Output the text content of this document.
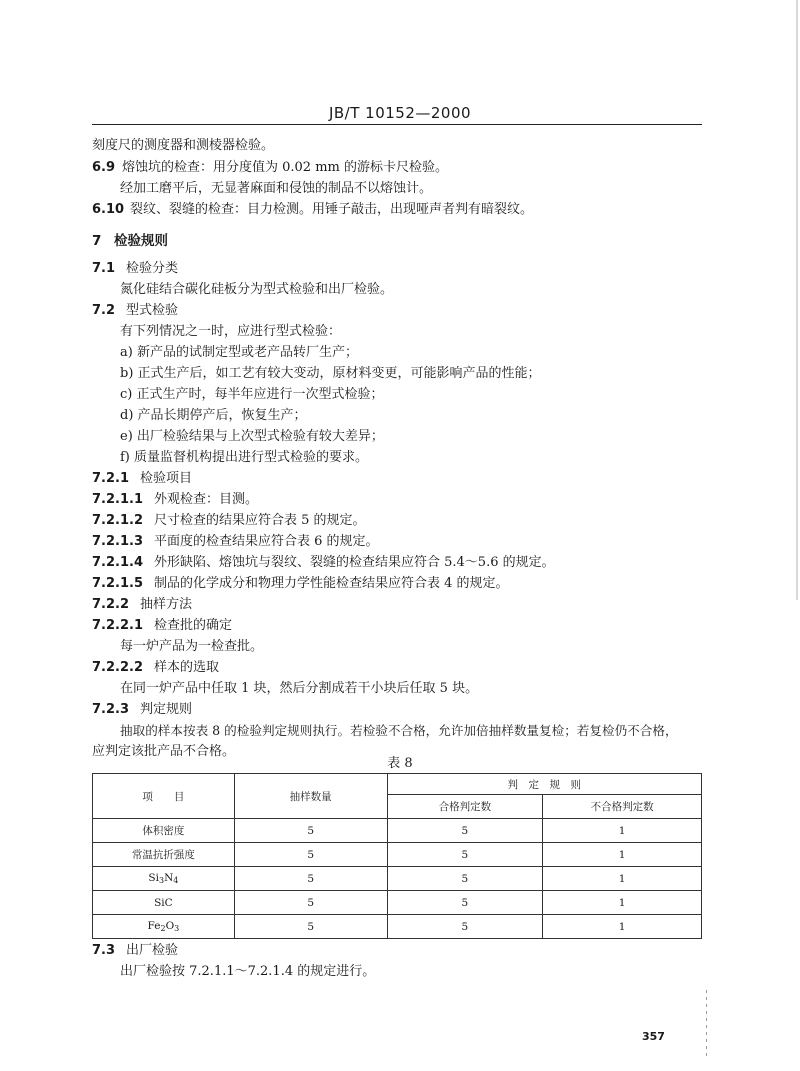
JB/T 10152—2000
刻度尺的测度器和测棱器检验。
6.9 熔蚀坑的检查：用分度值为 0.02 mm 的游标卡尺检验。
经加工磨平后，无显著麻面和侵蚀的制品不以熔蚀计。
6.10 裂纹、裂缝的检查：目力检测。用锤子敲击，出现哑声者判有暗裂纹。
7 检验规则
7.1 检验分类
氮化硅结合碳化硅板分为型式检验和出厂检验。
7.2 型式检验
有下列情况之一时，应进行型式检验：
a) 新产品的试制定型或老产品转厂生产；
b) 正式生产后，如工艺有较大变动，原材料变更，可能影响产品的性能；
c) 正式生产时，每半年应进行一次型式检验；
d) 产品长期停产后，恢复生产；
e) 出厂检验结果与上次型式检验有较大差异；
f) 质量监督机构提出进行型式检验的要求。
7.2.1 检验项目
7.2.1.1 外观检查：目测。
7.2.1.2 尺寸检查的结果应符合表 5 的规定。
7.2.1.3 平面度的检查结果应符合表 6 的规定。
7.2.1.4 外形缺陷、熔蚀坑与裂纹、裂缝的检查结果应符合 5.4～5.6 的规定。
7.2.1.5 制品的化学成分和物理力学性能检查结果应符合表 4 的规定。
7.2.2 抽样方法
7.2.2.1 检查批的确定
每一炉产品为一检查批。
7.2.2.2 样本的选取
在同一炉产品中任取 1 块，然后分割成若干小块后任取 5 块。
7.2.3 判定规则
抽取的样本按表 8 的检验判定规则执行。若检验不合格，允许加倍抽样数量复检；若复检仍不合格，
应判定该批产品不合格。
表 8
项　　目	抽样数量	判　定　规　则	
		合格判定数	不合格判定数
体积密度	5	5	1
常温抗折强度	5	5	1
$Si_3N_4$	5	5	1
SiC	5	5	1
$Fe_2O_3$	5	5	1
7.3 出厂检验
出厂检验按 7.2.1.1～7.2.1.4 的规定进行。
357
